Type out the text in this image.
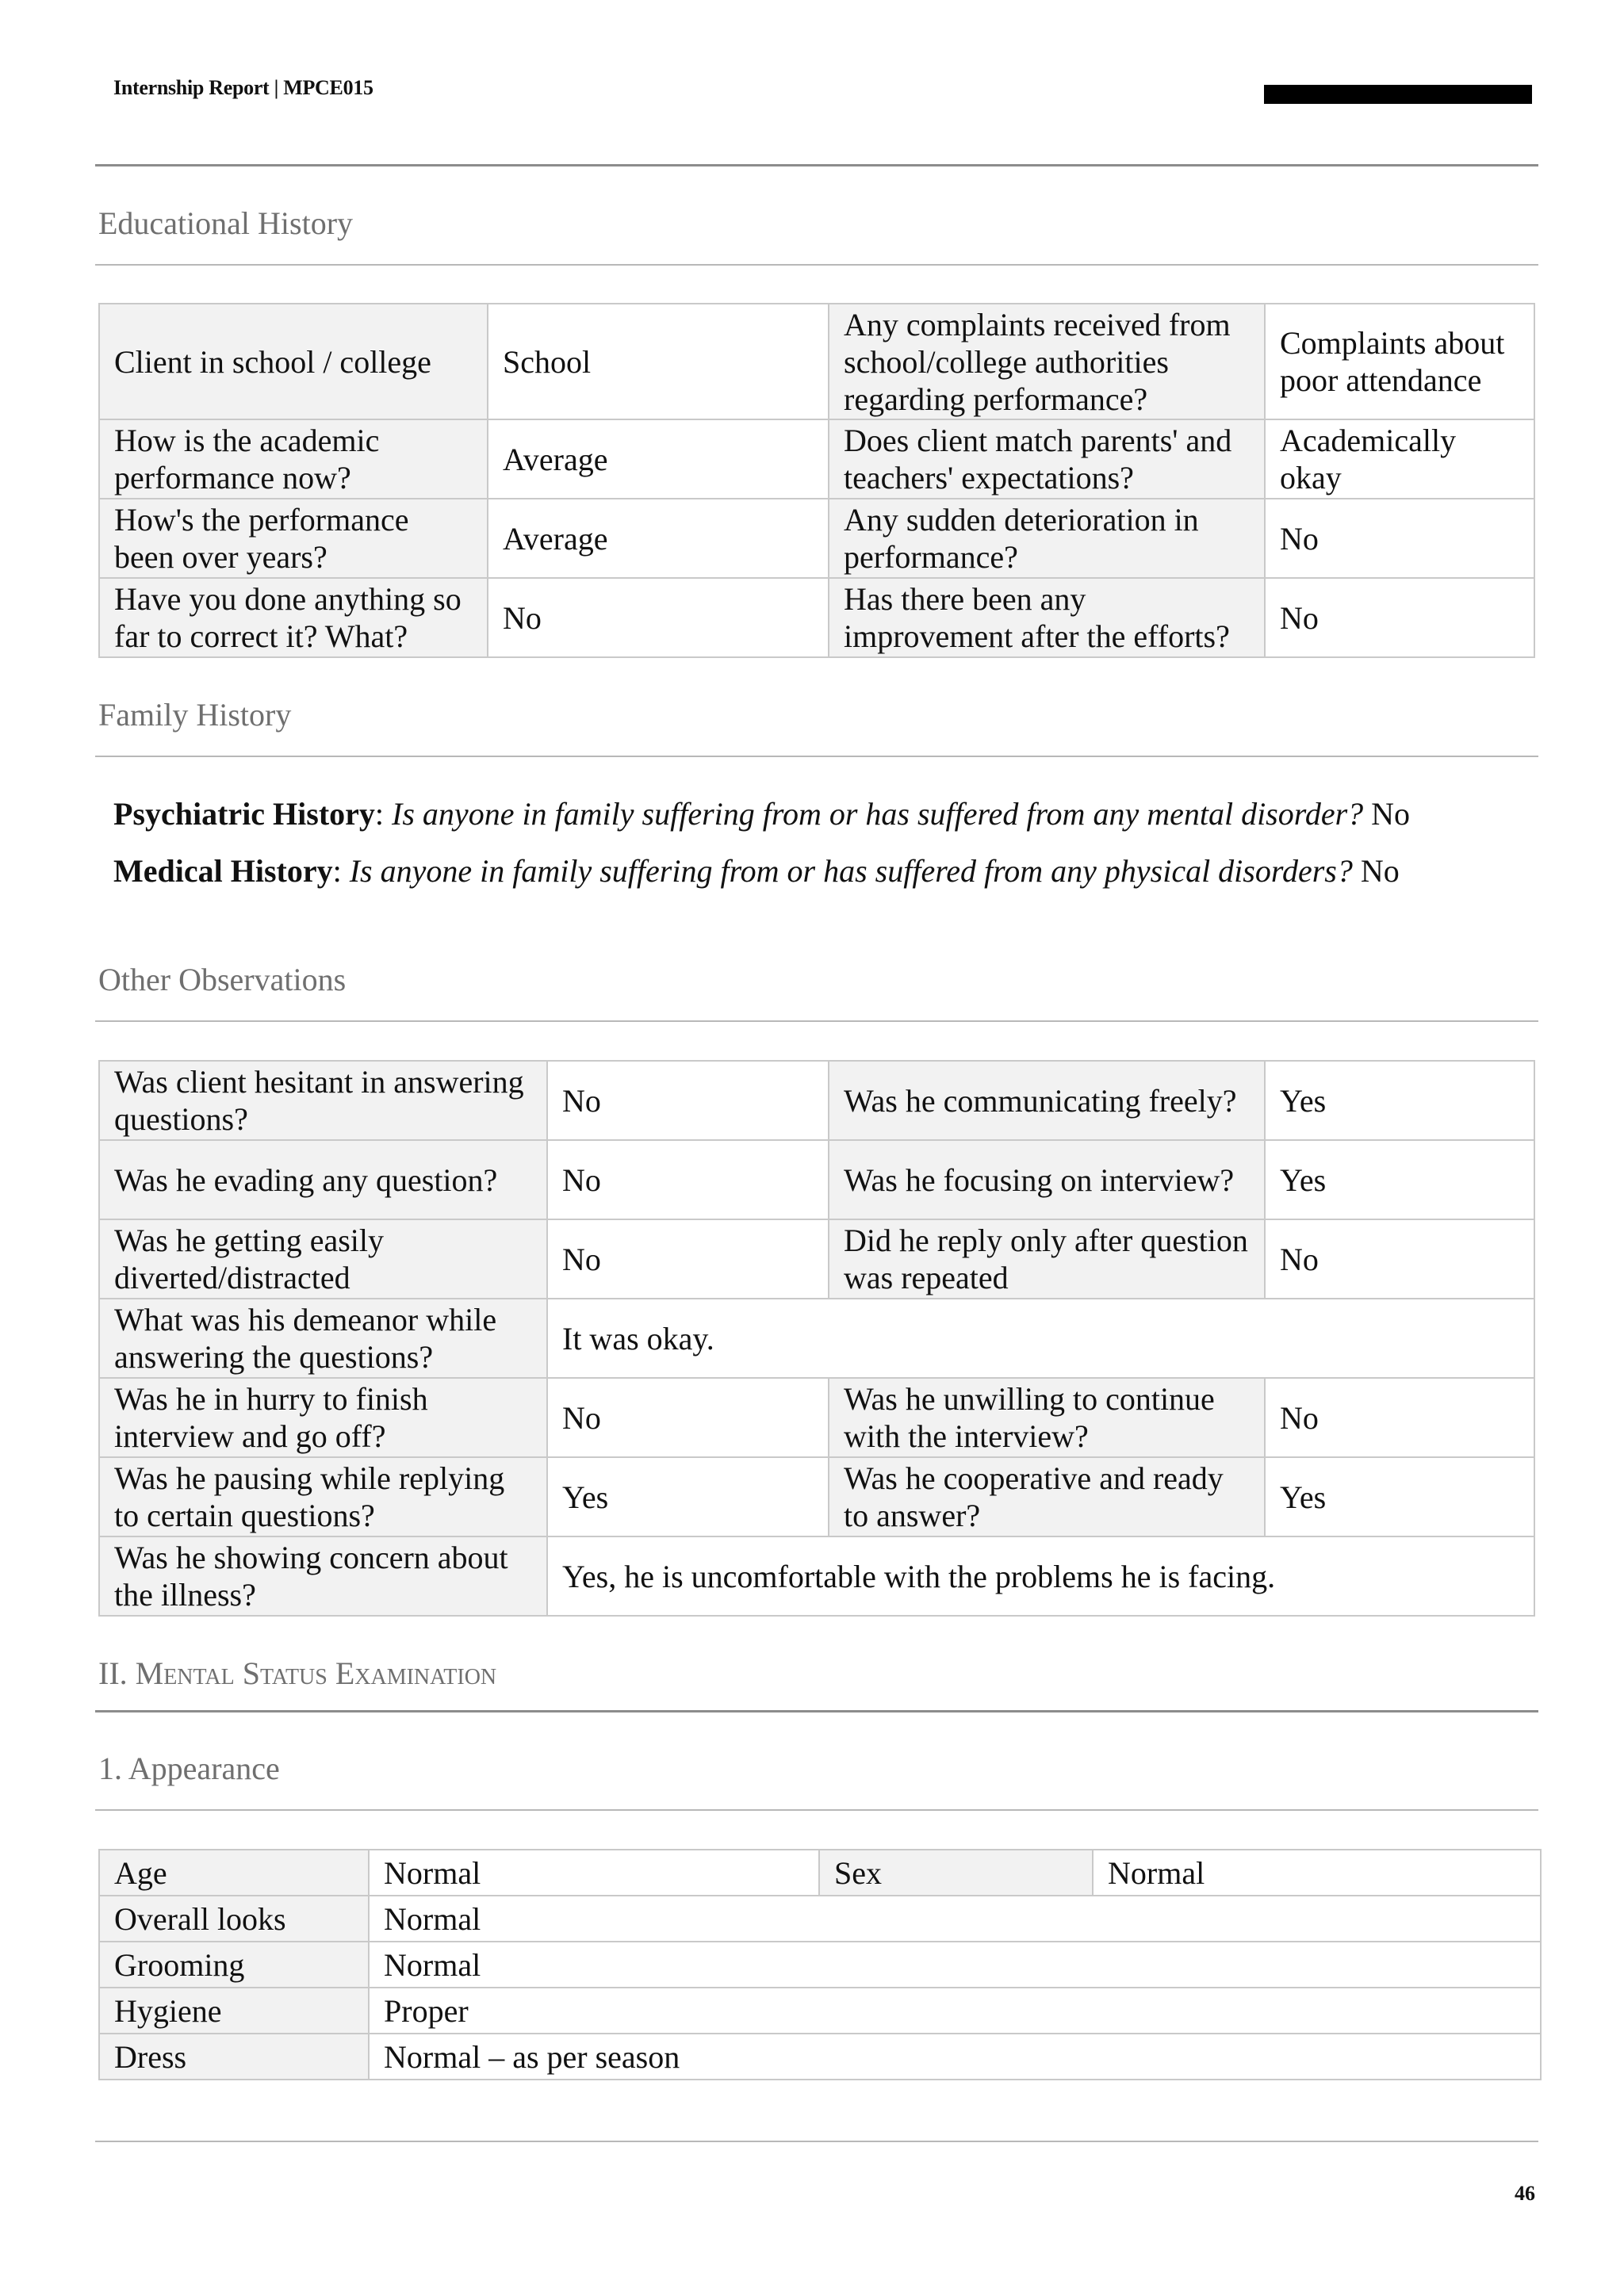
Internship Report | MPCE015
Educational History
Client in school / college	School	Any complaints received from school/college authorities regarding performance?	Complaints about poor attendance
How is the academic performance now?	Average	Does client match parents' and teachers' expectations?	Academically okay
How's the performance been over years?	Average	Any sudden deterioration in performance?	No
Have you done anything so far to correct it? What?	No	Has there been any improvement after the efforts?	No
Family History
Psychiatric History: Is anyone in family suffering from or has suffered from any mental disorder? No
Medical History: Is anyone in family suffering from or has suffered from any physical disorders? No
Other Observations
Was client hesitant in answering questions?	No	Was he communicating freely?	Yes
Was he evading any question?	No	Was he focusing on interview?	Yes
Was he getting easily diverted/distracted	No	Did he reply only after question was repeated	No
What was his demeanor while answering the questions?	It was okay.		
Was he in hurry to finish interview and go off?	No	Was he unwilling to continue with the interview?	No
Was he pausing while replying to certain questions?	Yes	Was he cooperative and ready to answer?	Yes
Was he showing concern about the illness?	Yes, he is uncomfortable with the problems he is facing.		
II. Mental Status Examination
1. Appearance
Age	Normal	Sex	Normal
Overall looks	Normal		
Grooming	Normal		
Hygiene	Proper		
Dress	Normal – as per season		
46
